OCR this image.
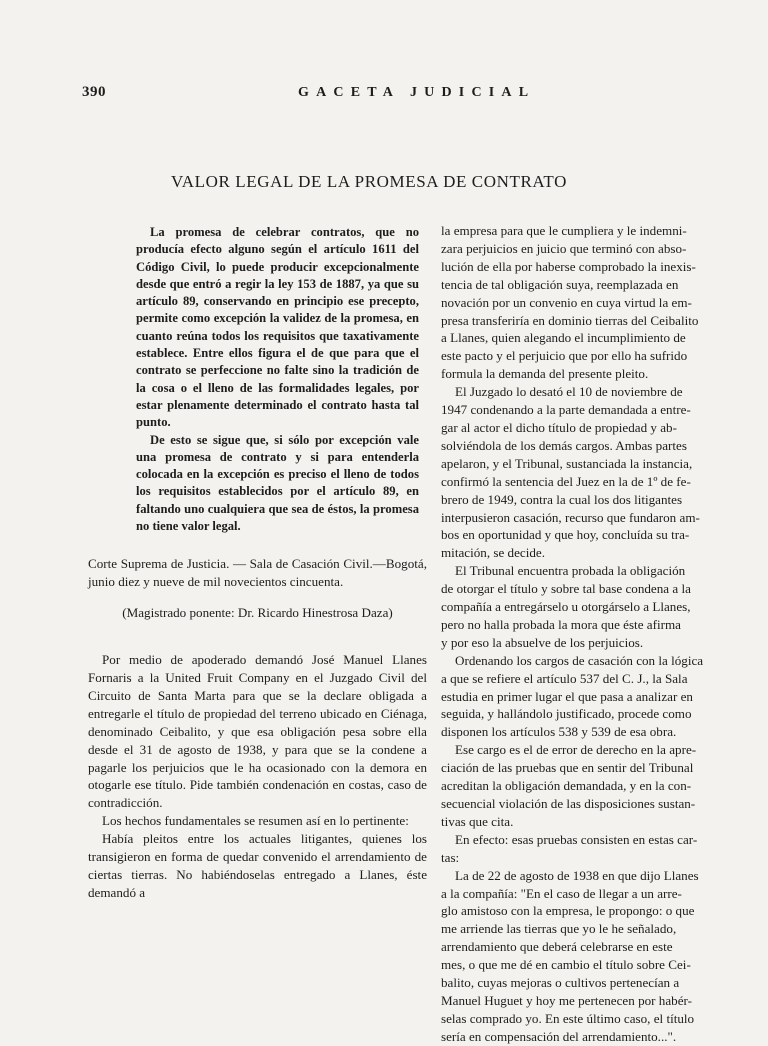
390	GACETA JUDICIAL
VALOR LEGAL DE LA PROMESA DE CONTRATO

La promesa de celebrar contratos, que no producía efecto alguno según el artículo 1611 del Código Civil, lo puede producir excepcionalmente desde que entró a regir la ley 153 de 1887, ya que su artículo 89, conservando en principio ese precepto, permite como excepción la validez de la promesa, en cuanto reúna todos los requisitos que taxativamente establece. Entre ellos figura el de que para que el contrato se perfeccione no falte sino la tradición de la cosa o el lleno de las formalidades legales, por estar plenamente determinado el contrato hasta tal punto.

De esto se sigue que, si sólo por excepción vale una promesa de contrato y si para entenderla colocada en la excepción es preciso el lleno de todos los requisitos establecidos por el artículo 89, en faltando uno cualquiera que sea de éstos, la promesa no tiene valor legal.

Corte Suprema de Justicia. — Sala de Casación Civil.—Bogotá, junio diez y nueve de mil novecientos cincuenta.

(Magistrado ponente: Dr. Ricardo Hinestrosa Daza)

Por medio de apoderado demandó José Manuel Llanes Fornaris a la United Fruit Company en el Juzgado Civil del Circuito de Santa Marta para que se la declare obligada a entregarle el título de propiedad del terreno ubicado en Ciénaga, denominado Ceibalito, y que esa obligación pesa sobre ella desde el 31 de agosto de 1938, y para que se la condene a pagarle los perjuicios que le ha ocasionado con la demora en otogarle ese título. Pide también condenación en costas, caso de contradicción.

Los hechos fundamentales se resumen así en lo pertinente:

Había pleitos entre los actuales litigantes, quienes los transigieron en forma de quedar convenido el arrendamiento de ciertas tierras. No habiéndoselas entregado a Llanes, éste demandó a

la empresa para que le cumpliera y le indemni-

zara perjuicios en juicio que terminó con abso-

lución de ella por haberse comprobado la inexis-

tencia de tal obligación suya, reemplazada en

novación por un convenio en cuya virtud la em-

presa transferiría en dominio tierras del Ceibalito

a Llanes, quien alegando el incumplimiento de

este pacto y el perjuicio que por ello ha sufrido

formula la demanda del presente pleito.

El Juzgado lo desató el 10 de noviembre de

1947 condenando a la parte demandada a entre-

gar al actor el dicho título de propiedad y ab-

solviéndola de los demás cargos. Ambas partes

apelaron, y el Tribunal, sustanciada la instancia,

confirmó la sentencia del Juez en la de 1º de fe-

brero de 1949, contra la cual los dos litigantes

interpusieron casación, recurso que fundaron am-

bos en oportunidad y que hoy, concluída su tra-

mitación, se decide.

El Tribunal encuentra probada la obligación

de otorgar el título y sobre tal base condena a la

compañía a entregárselo u otorgárselo a Llanes,

pero no halla probada la mora que éste afirma

y por eso la absuelve de los perjuicios.

Ordenando los cargos de casación con la lógica

a que se refiere el artículo 537 del C. J., la Sala

estudia en primer lugar el que pasa a analizar en

seguida, y hallándolo justificado, procede como

disponen los artículos 538 y 539 de esa obra.

Ese cargo es el de error de derecho en la apre-

ciación de las pruebas que en sentir del Tribunal

acreditan la obligación demandada, y en la con-

secuencial violación de las disposiciones sustan-

tivas que cita.

En efecto: esas pruebas consisten en estas car-

tas:

La de 22 de agosto de 1938 en que dijo Llanes

a la compañía: "En el caso de llegar a un arre-

glo amistoso con la empresa, le propongo: o que

me arriende las tierras que yo le he señalado,

arrendamiento que deberá celebrarse en este

mes, o que me dé en cambio el título sobre Cei-

balito, cuyas mejoras o cultivos pertenecían a

Manuel Huguet y hoy me pertenecen por habér-

selas comprado yo. En este último caso, el título

sería en compensación del arrendamiento...".
